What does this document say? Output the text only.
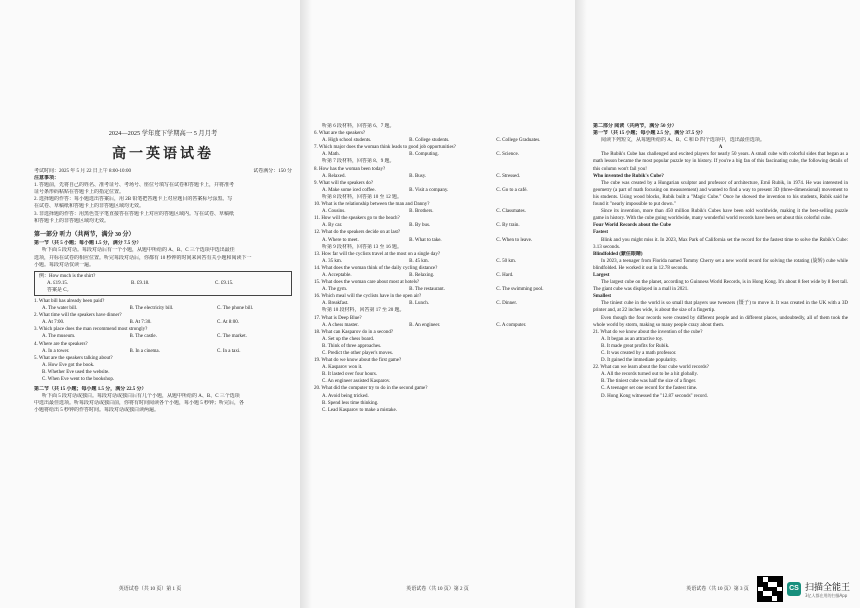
2024—2025 学年度下学期高一 5 月月考
高一英语试卷
考试时间：2025 年 5 月 22 日上午 8:00-10:00	试卷满分：150 分
注意事项：
1. 答题前，先将自己的姓名、准考证号、考场号、座位号填写在试卷和答题卡上，并将准考
证号条形码粘贴在答题卡上的指定位置。
2. 选择题的作答：每小题选出答案后，用 2B 铅笔把答题卡上对应题目的答案标号涂黑。写
在试卷、草稿纸和答题卡上的非答题区域均无效。
3. 非选择题的作答：用黑色签字笔直接答在答题卡上对应的答题区域内。写在试卷、草稿纸
和答题卡上的非答题区域均无效。
第一部分 听力（共两节，满分 30 分）
第一节（共 5 小题；每小题 1.5 分，满分 7.5 分）
听下面 5 段对话。每段对话后有一个小题，从题中所给的 A、B、C 三个选项中选出最佳
选项，并标在试卷的相应位置。听完每段对话后，你都有 10 秒钟的时间来回答有关小题和阅读下一
小题。每段对话仅读一遍。
例：How much is the shirt?
A. £19.15.	B. £9.18.	C. £9.15.
答案是 C。
1. What bill has already been paid?
A. The water bill.	B. The electricity bill.	C. The phone bill.
2. What time will the speakers have dinner?
A. At 7:00.	B. At 7:30.	C. At 8:00.
3. Which place does the man recommend most strongly?
A. The museum.	B. The castle.	C. The market.
4. Where are the speakers?
A. In a tower.	B. In a cinema.	C. In a taxi.
5. What are the speakers talking about?
A. How Eve got the book.
B. Whether Eve used the website.
C. When Eve went to the bookshop.
第二节（共 15 小题；每小题 1.5 分，满分 22.5 分）
听下面 5 段对话或独白。每段对话或独白后有几个小题，从题中所给的 A、B、C 三个选项
中选出最佳选项。听每段对话或独白前，你将有时间阅读各个小题，每小题 5 秒钟；听完后，各
小题将给出 5 秒钟的作答时间。每段对话或独白读两遍。
英语试卷（共 10 页）第 1 页
听第 6 段材料，回答第 6、7 题。
6. What are the speakers?
A. High school students.	B. College students.	C. College Graduates.
7. Which major does the woman think leads to good job opportunities?
A. Math.	B. Computing.	C. Science.
听第 7 段材料，回答第 8、9 题。
8. How has the woman been today?
A. Relaxed.	B. Busy.	C. Stressed.
9. What will the speakers do?
A. Make some iced coffee.	B. Visit a company.	C. Go to a café.
听第 8 段材料，回答第 10 至 12 题。
10. What is the relationship between the man and Danny?
A. Cousins.	B. Brothers.	C. Classmates.
11. How will the speakers go to the beach?
A. By car.	B. By bus.	C. By train.
12. What do the speakers decide on at last?
A. Where to meet.	B. What to take.	C. When to leave.
听第 9 段材料，回答第 13 至 16 题。
13. How far will the cyclists travel at the most on a single day?
A. 35 km.	B. 45 km.	C. 50 km.
14. What does the woman think of the daily cycling distance?
A. Acceptable.	B. Relaxing.	C. Hard.
15. What does the woman care about most at hotels?
A. The gym.	B. The restaurant.	C. The swimming pool.
16. Which meal will the cyclists have in the open air?
A. Breakfast.	B. Lunch.	C. Dinner.
听第 10 段材料，回答第 17 至 20 题。
17. What is Deep Blue?
A. A chess master.	B. An engineer.	C. A computer.
18. What can Kasparov do in a second?
A. Set up the chess board.
B. Think of three approaches.
C. Predict the other player's moves.
19. What do we know about the first game?
A. Kasparov won it.
B. It lasted over four hours.
C. An engineer assisted Kasparov.
20. What did the computer try to do in the second game?
A. Avoid being tricked.
B. Spend less time thinking.
C. Lead Kasparov to make a mistake.
英语试卷（共 10 页）第 2 页
第二部分 阅读（共两节，满分 50 分）
第一节（共 15 小题；每小题 2.5 分，满分 37.5 分）
阅读下列短文，从每题所给的 A、B、C 和 D 四个选项中，选出最佳选项。
A

The Rubik's Cube has challenged and excited players for nearly 50 years. A small cube with colorful sides that began as a math lesson became the most popular puzzle toy in history. If you're a big fan of this fascinating cube, the following details of this column won't fail you!

Who invented the Rubik's Cube?

The cube was created by a Hungarian sculptor and professor of architecture, Ernő Rubik, in 1974. He was interested in geometry (a part of math focusing on measurement) and wanted to find a way to present 3D (three-dimensional) movement to his students. Using wood blocks, Rubik built a "Magic Cube." Once he showed the invention to his students, Rubik said he found it "nearly impossible to put down."

Since its invention, more than 450 million Rubik's Cubes have been sold worldwide, making it the best-selling puzzle game in history. With the cube going worldwide, many wonderful world records have been set about this colorful cube.

Four World Records about the Cube
Fastest

Blink and you might miss it. In 2023, Max Park of California set the record for the fastest time to solve the Rubik's Cube: 3.13 seconds.

Blindfolded (蒙住眼睛)

In 2023, a teenager from Florida named Tommy Cherry set a new world record for solving the rotating (旋转) cube while blindfolded. He worked it out in 12.78 seconds.

Largest

The largest cube on the planet, according to Guinness World Records, is in Hong Kong. It's about 8 feet wide by 8 feet tall. The giant cube was displayed in a mall in 2021.

Smallest

The tiniest cube in the world is so small that players use tweezers (镊子) to move it. It was created in the UK with a 3D printer and, at 22 inches wide, is about the size of a fingertip.

Even though the four records were created by different people and in different places, undoubtedly, all of them took the whole world by storm, making so many people crazy about them.

21. What do we know about the invention of the cube?
A. It began as an attractive toy.
B. It made great profits for Rubik.
C. It was created by a math professor.
D. It gained the immediate popularity.
22. What can we learn about the four cube world records?
A. All the records turned out to be a hit globally.
B. The tiniest cube was half the size of a finger.
C. A teenager set one record for the fastest time.
D. Hong Kong witnessed the "12.87 seconds" record.
英语试卷（共 10 页）第 3 页	CS 扫描全能王
3亿人都在用的扫描App
